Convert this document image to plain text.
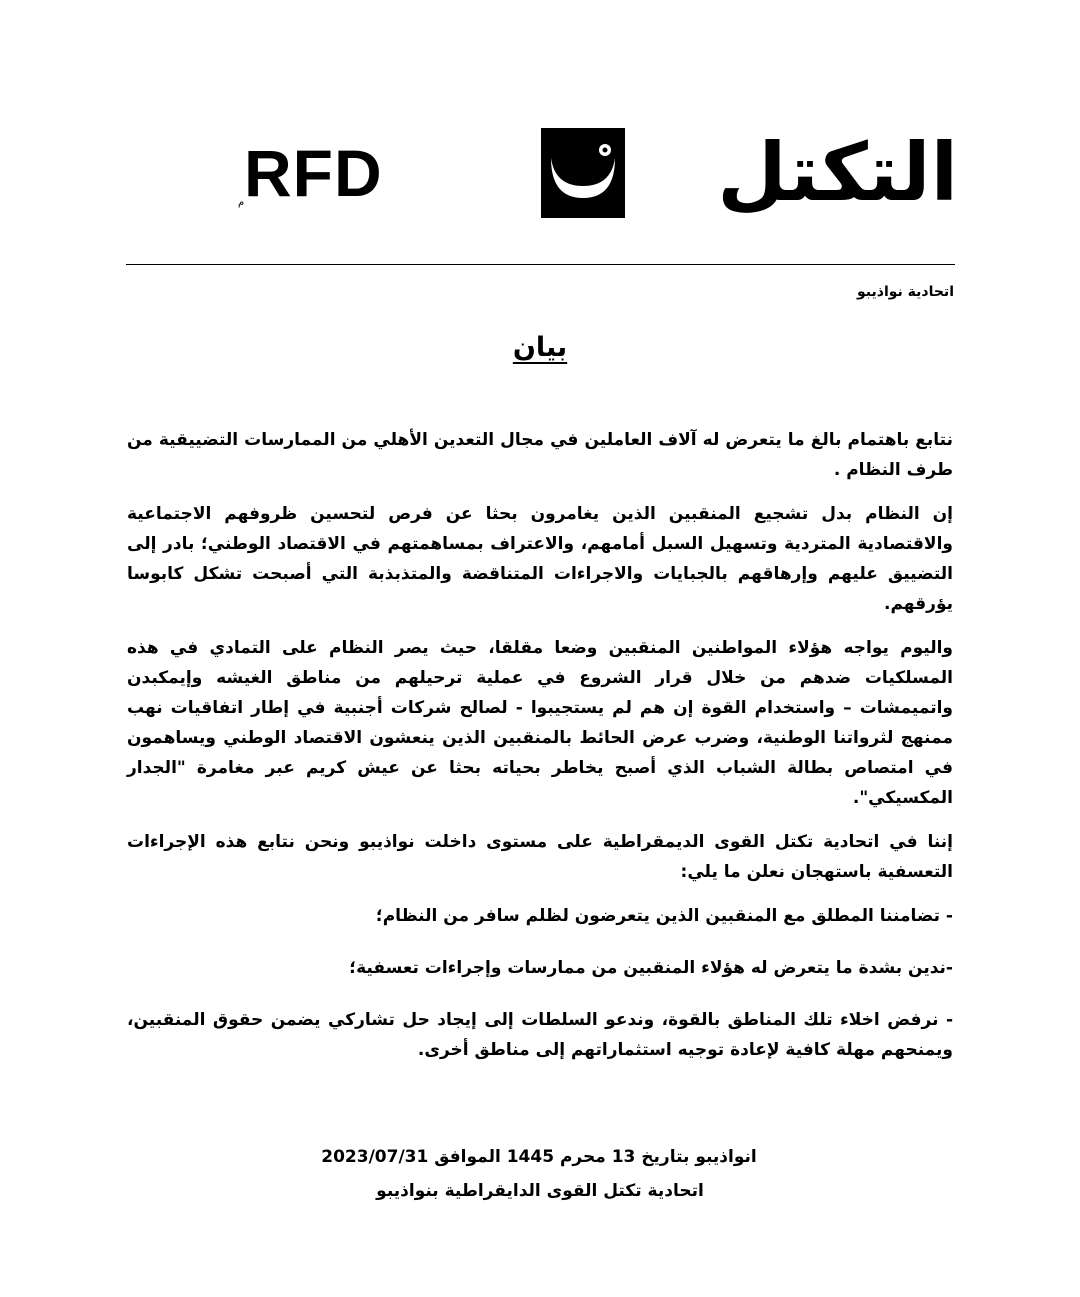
RFD
م	التكتل
اتحادية نواذيبو
بيان

نتابع باهتمام بالغ ما يتعرض له آلاف العاملين في مجال التعدين الأهلي من الممارسات التضييقية من طرف النظام .

إن النظام بدل تشجيع المنقبين الذين يغامرون بحثا عن فرص لتحسين ظروفهم الاجتماعية والاقتصادية المتردية وتسهيل السبل أمامهم، والاعتراف بمساهمتهم في الاقتصاد الوطني؛ بادر إلى التضييق عليهم وإرهاقهم بالجبايات والاجراءات المتناقضة والمتذبذبة التي أصبحت تشكل كابوسا يؤرقهم.

واليوم يواجه هؤلاء المواطنين المنقبين وضعا مقلقا، حيث يصر النظام على التمادي في هذه المسلكيات ضدهم من خلال قرار الشروع في عملية ترحيلهم من مناطق الغيشه وإيمكبدن واتميمشات – واستخدام القوة إن هم لم يستجيبوا - لصالح شركات أجنبية في إطار اتفاقيات نهب ممنهج لثرواتنا الوطنية، وضرب عرض الحائط بالمنقبين الذين ينعشون الاقتصاد الوطني ويساهمون في امتصاص بطالة الشباب الذي أصبح يخاطر بحياته بحثا عن عيش كريم عبر مغامرة "الجدار المكسيكي".

إننا في اتحادية تكتل القوى الديمقراطية على مستوى داخلت نواذيبو ونحن نتابع هذه الإجراءات التعسفية باستهجان نعلن ما يلي:

- تضامننا المطلق مع المنقبين الذين يتعرضون لظلم سافر من النظام؛

-ندين بشدة ما يتعرض له هؤلاء المنقبين من ممارسات وإجراءات تعسفية؛

- نرفض اخلاء تلك المناطق بالقوة، وندعو السلطات إلى إيجاد حل تشاركي يضمن حقوق المنقبين، ويمنحهم مهلة كافية لإعادة توجيه استثماراتهم إلى مناطق أخرى.

انواذيبو بتاريخ 13 محرم 1445 الموافق 2023/07/31
اتحادية تكتل القوى الدايقراطية بنواذيبو
